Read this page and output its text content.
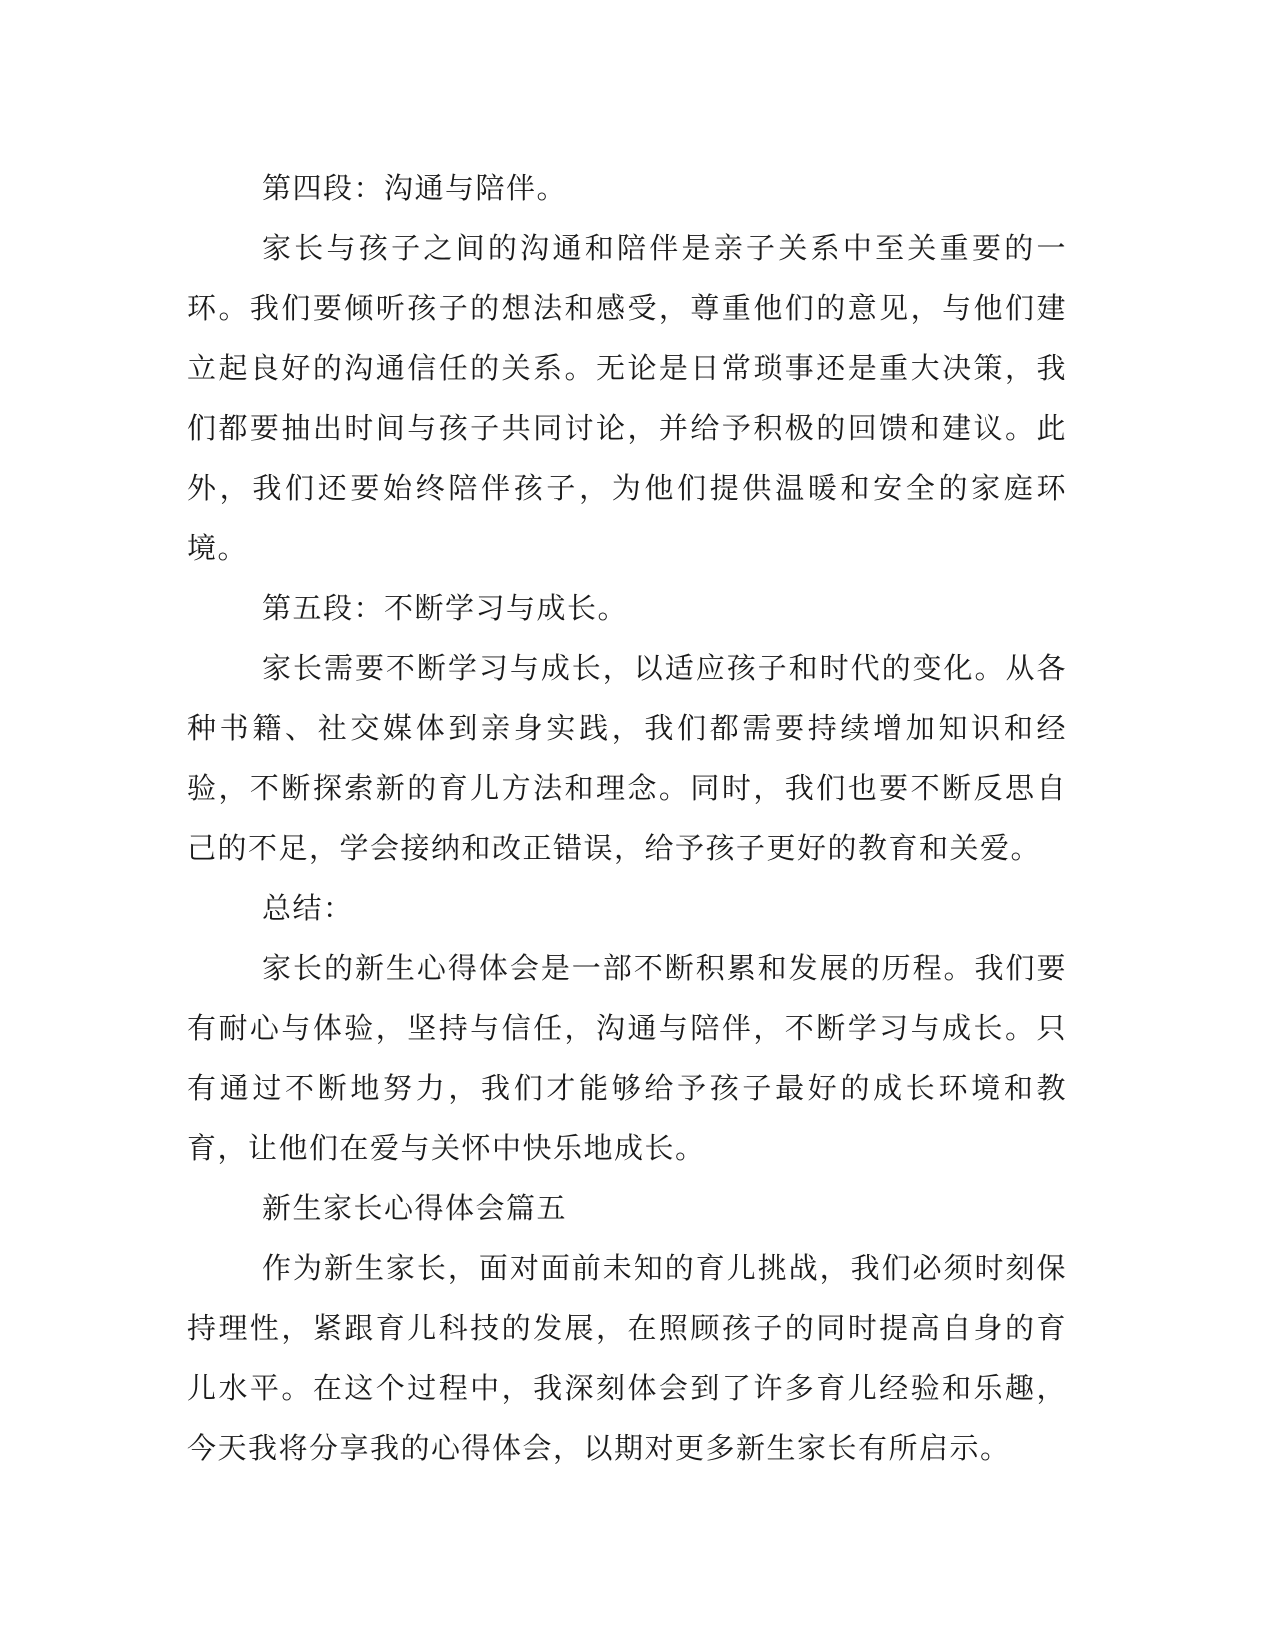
第四段：沟通与陪伴。

家长与孩子之间的沟通和陪伴是亲子关系中至关重要的一环。我们要倾听孩子的想法和感受，尊重他们的意见，与他们建立起良好的沟通信任的关系。无论是日常琐事还是重大决策，我们都要抽出时间与孩子共同讨论，并给予积极的回馈和建议。此外，我们还要始终陪伴孩子，为他们提供温暖和安全的家庭环境。

第五段：不断学习与成长。

家长需要不断学习与成长，以适应孩子和时代的变化。从各种书籍、社交媒体到亲身实践，我们都需要持续增加知识和经验，不断探索新的育儿方法和理念。同时，我们也要不断反思自己的不足，学会接纳和改正错误，给予孩子更好的教育和关爱。

总结：

家长的新生心得体会是一部不断积累和发展的历程。我们要有耐心与体验，坚持与信任，沟通与陪伴，不断学习与成长。只有通过不断地努力，我们才能够给予孩子最好的成长环境和教育，让他们在爱与关怀中快乐地成长。

新生家长心得体会篇五

作为新生家长，面对面前未知的育儿挑战，我们必须时刻保持理性，紧跟育儿科技的发展，在照顾孩子的同时提高自身的育儿水平。在这个过程中，我深刻体会到了许多育儿经验和乐趣，今天我将分享我的心得体会，以期对更多新生家长有所启示。
